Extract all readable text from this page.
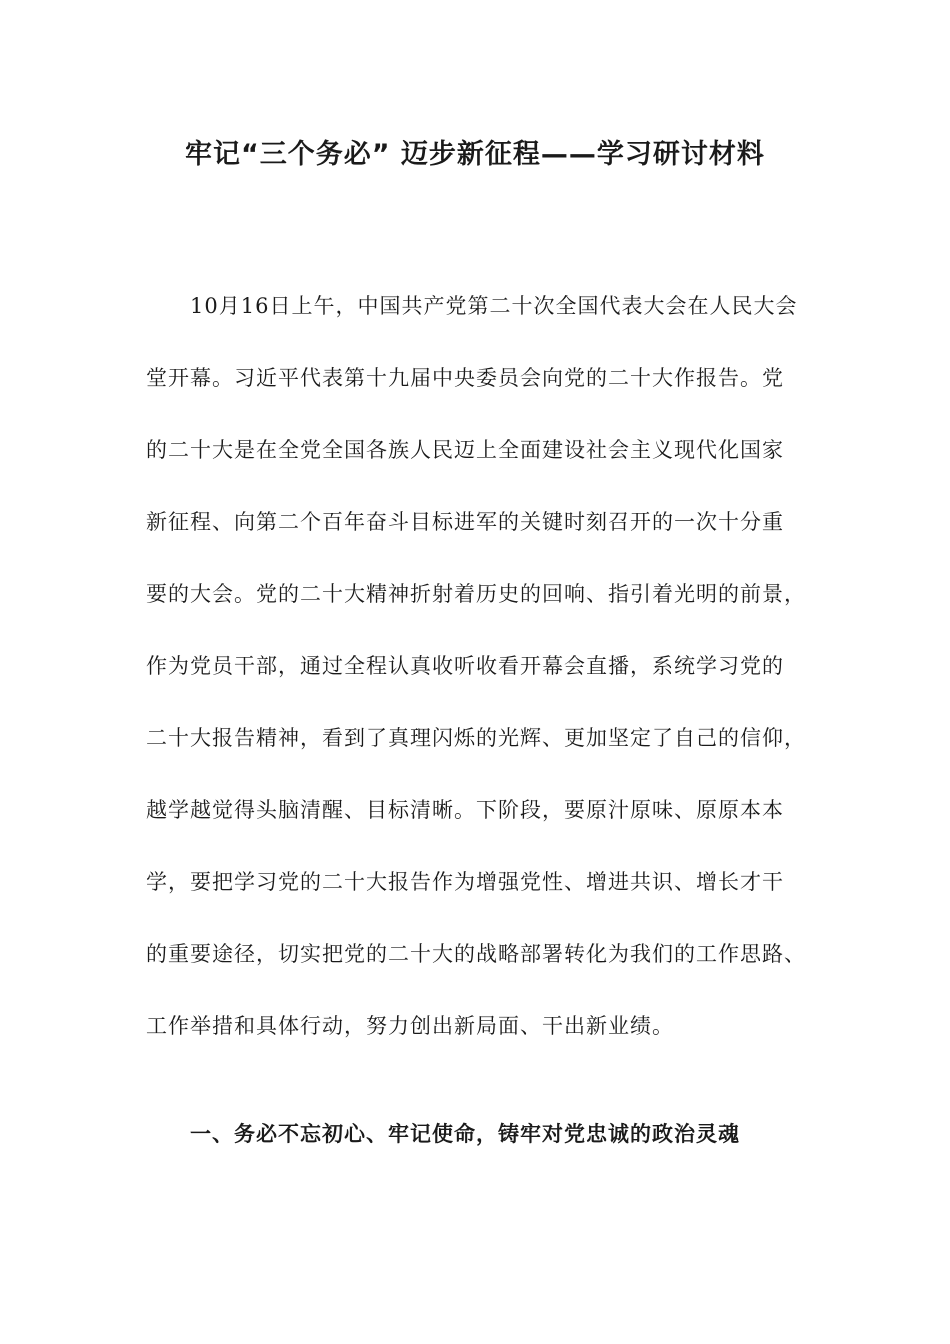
牢记“三个务必” 迈步新征程——学习研讨材料
10月16日上午，中国共产党第二十次全国代表大会在人民大会
堂开幕。习近平代表第十九届中央委员会向党的二十大作报告。党
的二十大是在全党全国各族人民迈上全面建设社会主义现代化国家
新征程、向第二个百年奋斗目标进军的关键时刻召开的一次十分重
要的大会。党的二十大精神折射着历史的回响、指引着光明的前景，
作为党员干部，通过全程认真收听收看开幕会直播，系统学习党的
二十大报告精神，看到了真理闪烁的光辉、更加坚定了自己的信仰，
越学越觉得头脑清醒、目标清晰。下阶段，要原汁原味、原原本本
学，要把学习党的二十大报告作为增强党性、增进共识、增长才干
的重要途径，切实把党的二十大的战略部署转化为我们的工作思路、
工作举措和具体行动，努力创出新局面、干出新业绩。
一、务必不忘初心、牢记使命，铸牢对党忠诚的政治灵魂
